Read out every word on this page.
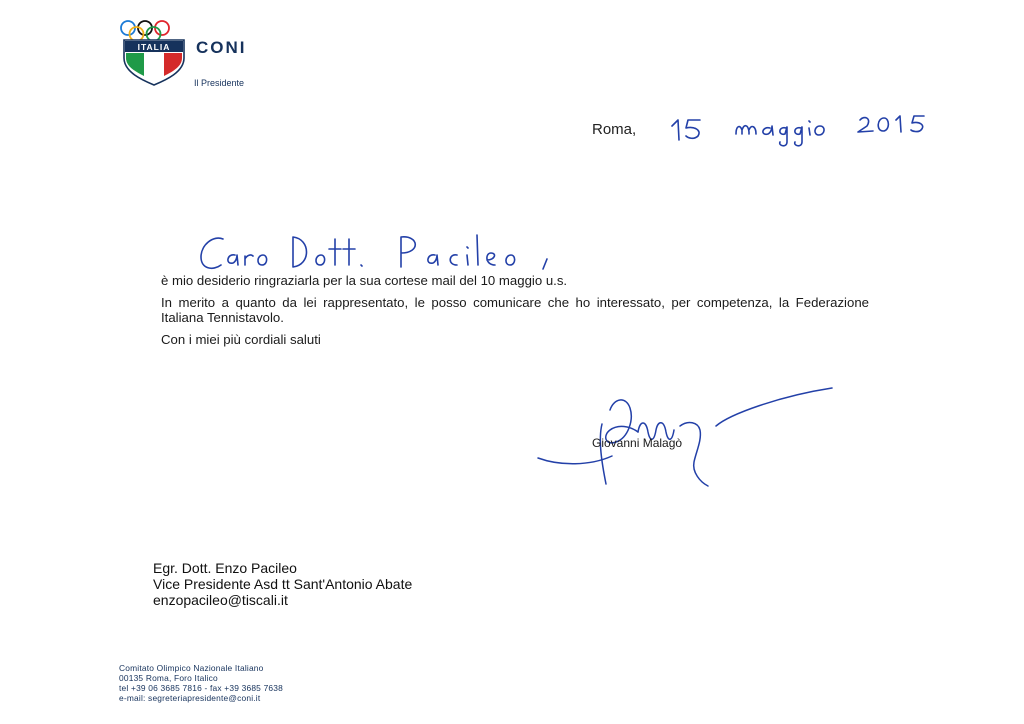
ITALIA CONI
Il Presidente
Roma,
è mio desiderio ringraziarla per la sua cortese mail del 10 maggio u.s.
In merito a quanto da lei rappresentato, le posso comunicare che ho interessato, per competenza, la Federazione Italiana Tennistavolo.
Con i miei più cordiali saluti
Giovanni Malagò
Egr. Dott. Enzo Pacileo
Vice Presidente Asd tt Sant'Antonio Abate
enzopacileo@tiscali.it
Comitato Olimpico Nazionale Italiano
00135 Roma, Foro Italico
tel +39 06 3685 7816 - fax +39 3685 7638
e-mail: segreteriapresidente@coni.it
